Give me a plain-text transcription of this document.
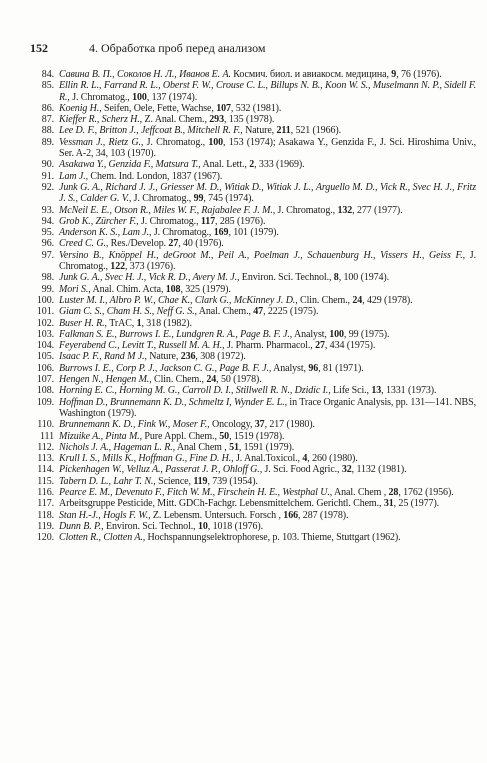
152	4. Обработка проб перед анализом
84. Савина В. П., Соколов Н. Л., Иванов Е. А. Космич. биол. и авиакосм. медицина, 9, 76 (1976).
85. Ellin R. L., Farrand R. L., Oberst F. W., Crouse C. L., Billups N. B., Koon W. S., Muselmann N. P., Sidell F. R., J. Chromatog., 100, 137 (1974).
86. Koenig H., Seifen, Oele, Fette, Wachse, 107, 532 (1981).
87. Kieffer R., Scherz H., Z. Anal. Chem., 293, 135 (1978).
88. Lee D. F., Britton J., Jeffcoat B., Mitchell R. F., Nature, 211, 521 (1966).
89. Vessman J., Rietz G., J. Chromatog., 100, 153 (1974); Asakawa Y., Genzida F., J. Sci. Hiroshima Univ., Ser. A-2, 34, 103 (1970).
90. Asakawa Y., Genzida F., Matsura T., Anal. Lett., 2, 333 (1969).
91. Lam J., Chem. Ind. London, 1837 (1967).
92. Junk G. A., Richard J. J., Griesser M. D., Witiak D., Witiak J. L., Arguello M. D., Vick R., Svec H. J., Fritz J. S., Calder G. V., J. Chromatog., 99, 745 (1974).
93. McNeil E. E., Otson R., Miles W. F., Rajabalee F. J. M., J. Chromatog., 132, 277 (1977).
94. Grob K., Zürcher F., J. Chromatog., 117, 285 (1976).
95. Anderson K. S., Lam J., J. Chromatog., 169, 101 (1979).
96. Creed C. G., Res./Develop. 27, 40 (1976).
97. Versino B., Knöppel H., deGroot M., Peil A., Poelman J., Schauenburg H., Vissers H., Geiss F., J. Chromatog., 122, 373 (1976).
98. Junk G. A., Svec H. J., Vick R. D., Avery M. J., Environ. Sci. Technol., 8, 100 (1974).
99. Mori S., Anal. Chim. Acta, 108, 325 (1979).
100. Luster M. I., Albro P. W., Chae K., Clark G., McKinney J. D., Clin. Chem., 24, 429 (1978).
101. Giam C. S., Cham H. S., Neff G. S., Anal. Chem., 47, 2225 (1975).
102. Buser H. R., TrAC, 1, 318 (1982).
103. Falkman S. E., Burrows I. E., Lundgren R. A., Page B. F. J., Analyst, 100, 99 (1975).
104. Feyerabend C., Levitt T., Russell M. A. H., J. Pharm. Pharmacol., 27, 434 (1975).
105. Isaac P. F., Rand M J., Nature, 236, 308 (1972).
106. Burrows I. E., Corp P. J., Jackson C. G., Page B. F. J., Analyst, 96, 81 (1971).
107. Hengen N., Hengen M., Clin. Chem., 24, 50 (1978).
108. Horning E. C., Horning M. G., Carroll D. I., Stillwell R. N., Dzidic I., Life Sci., 13, 1331 (1973).
109. Hoffman D., Brunnemann K. D., Schmeltz I, Wynder E. L., in Trace Organic Analysis, pp. 131—141. NBS, Washington (1979).
110. Brunnemann K. D., Fink W., Moser F., Oncology, 37, 217 (1980).
111 Mizuike A., Pinta M., Pure Appl. Chem., 50, 1519 (1978).
112. Nichols J. A., Hageman L. R., Anal Chem , 51, 1591 (1979).
113. Krull I. S., Mills K., Hoffman G., Fine D. H., J. Anal.Toxicol., 4, 260 (1980).
114. Pickenhagen W., Velluz A., Passerat J. P., Ohloff G., J. Sci. Food Agric., 32, 1132 (1981).
115. Tabern D. L., Lahr T. N., Science, 119, 739 (1954).
116. Pearce E. M., Devenuto F., Fitch W. M., Firschein H. E., Westphal U., Anal. Chem , 28, 1762 (1956).
117. Arbeitsgruppe Pesticide, Mitt. GDCh-Fachgr. Lebensmittelchem. Gerichtl. Chem., 31, 25 (1977).
118. Stan H.-J., Hogls F. W., Z. Lebensm. Untersuch. Forsch , 166, 287 (1978).
119. Dunn B. P., Environ. Sci. Technol., 10, 1018 (1976).
120. Clotten R., Clotten A., Hochspannungselektrophorese, p. 103. Thieme, Stuttgart (1962).
